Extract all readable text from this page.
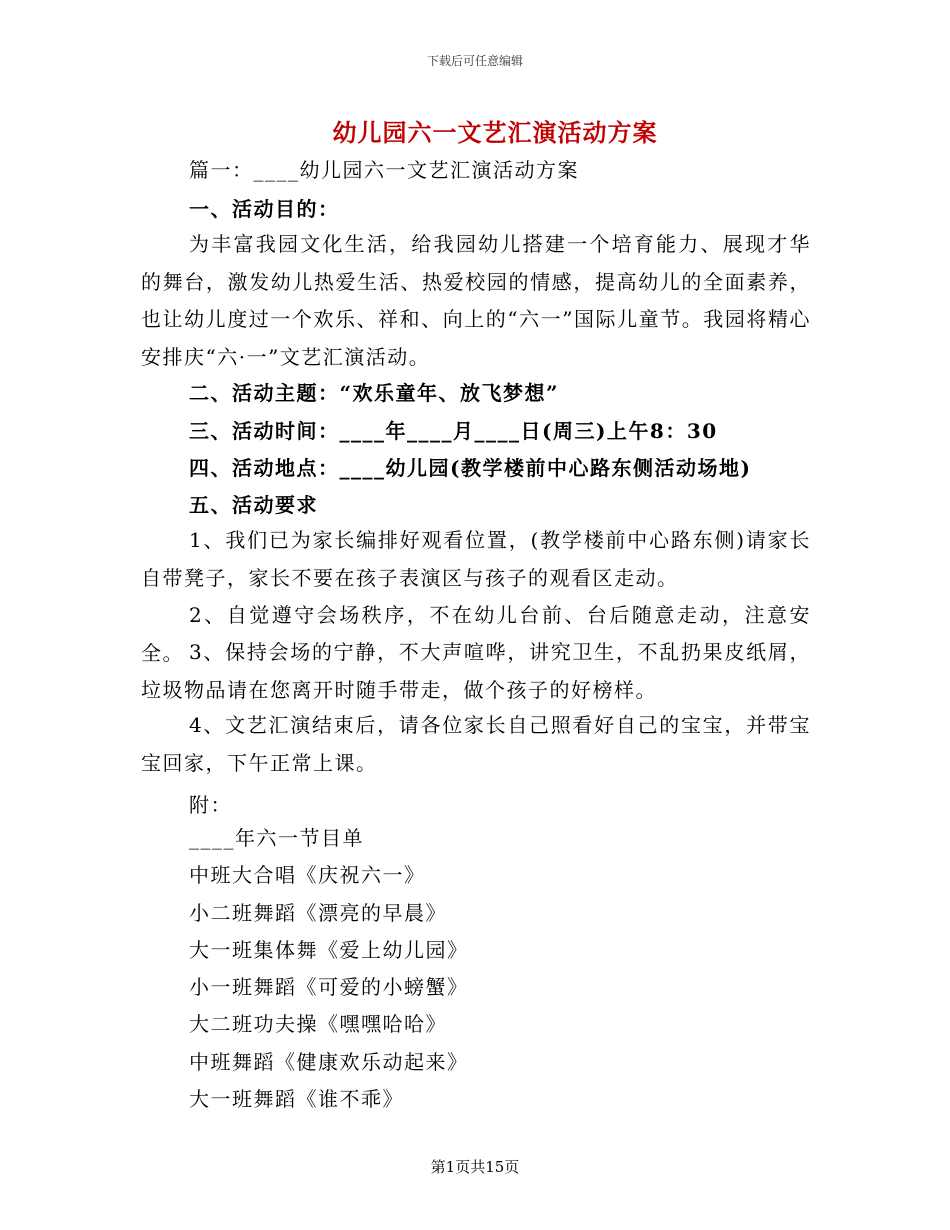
下载后可任意编辑
幼儿园六一文艺汇演活动方案
篇一：____幼儿园六一文艺汇演活动方案
一、活动目的：
为丰富我园文化生活，给我园幼儿搭建一个培育能力、展现才华的舞台，激发幼儿热爱生活、热爱校园的情感，提高幼儿的全面素养，也让幼儿度过一个欢乐、祥和、向上的“六一”国际儿童节。我园将精心安排庆“六·一”文艺汇演活动。
二、活动主题：“欢乐童年、放飞梦想”
三、活动时间：____年____月____日(周三)上午8：30
四、活动地点：____幼儿园(教学楼前中心路东侧活动场地)
五、活动要求
1、我们已为家长编排好观看位置，(教学楼前中心路东侧)请家长自带凳子，家长不要在孩子表演区与孩子的观看区走动。
2、自觉遵守会场秩序，不在幼儿台前、台后随意走动，注意安全。 3、保持会场的宁静，不大声喧哗，讲究卫生，不乱扔果皮纸屑，垃圾物品请在您离开时随手带走，做个孩子的好榜样。
4、文艺汇演结束后，请各位家长自己照看好自己的宝宝，并带宝宝回家，下午正常上课。
附：
____年六一节目单
中班大合唱《庆祝六一》
小二班舞蹈《漂亮的早晨》
大一班集体舞《爱上幼儿园》
小一班舞蹈《可爱的小螃蟹》
大二班功夫操《嘿嘿哈哈》
中班舞蹈《健康欢乐动起来》
大一班舞蹈《谁不乖》
第1页共15页
